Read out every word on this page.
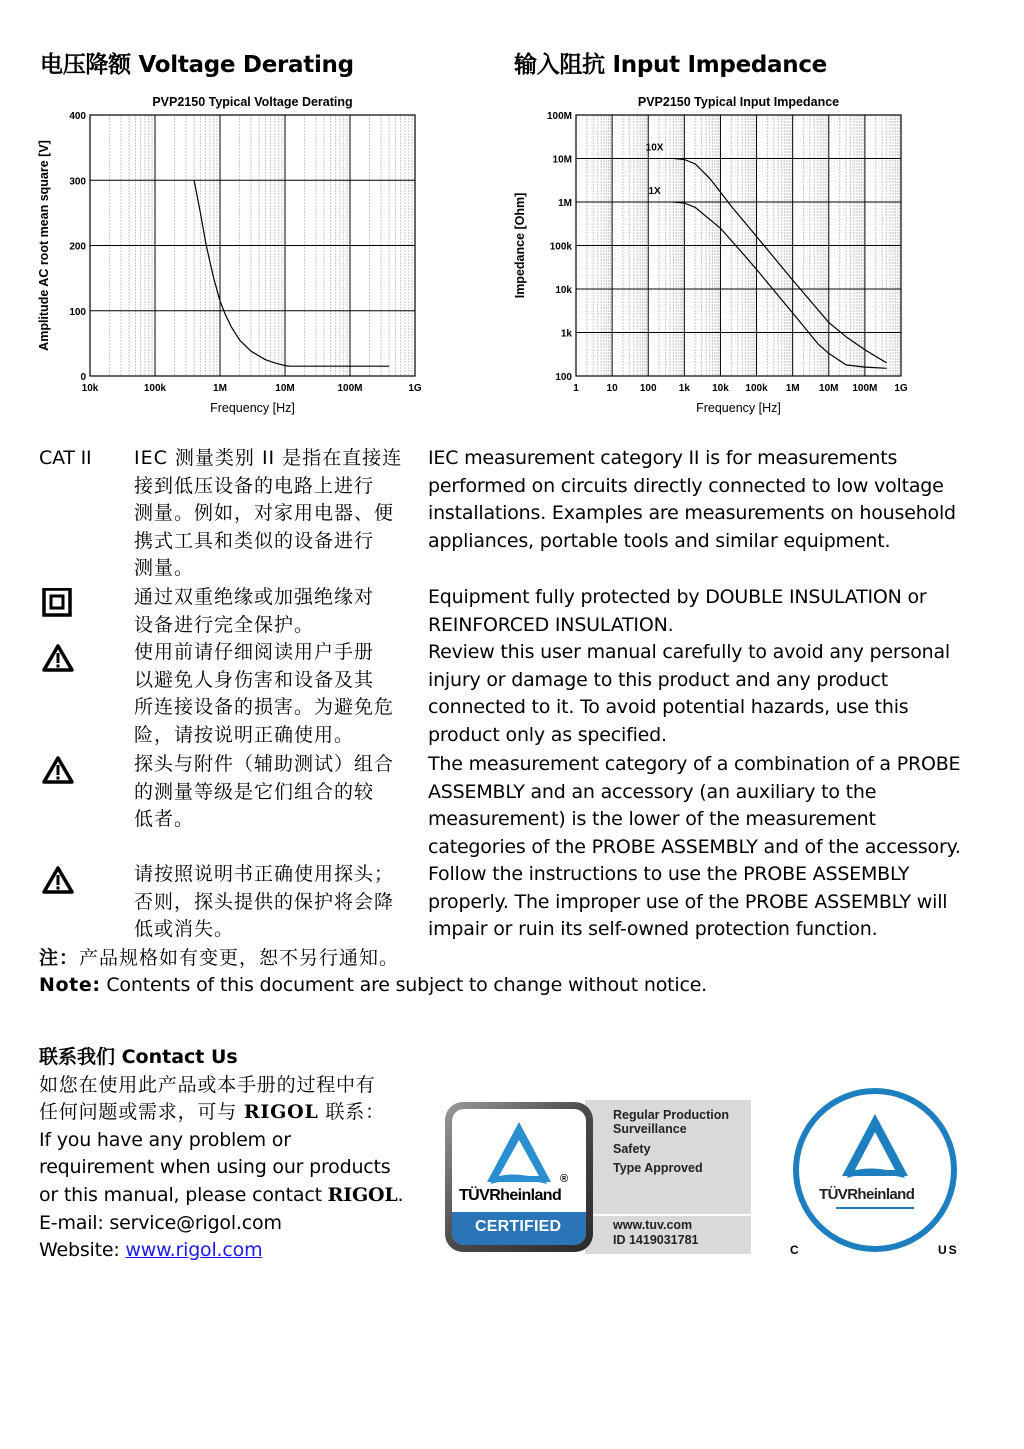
电压降额 Voltage Derating	输入阻抗 Input Impedance
10k	100k	1M	10M	100M	1G
0
100
200
300
400
PVP2150 Typical Voltage Derating
Frequency [Hz]
Amplitude AC root mean square [V]
1	10 100 1k 10k 100k 1M 10M 100M 1G
100
1k
10k
100k
1M
10M
100M
PVP2150 Typical Input Impedance
Frequency [Hz]
Impedance [Ohm]
10X
1X
CAT II IEC 测量类别 II 是指在直接连
接到低压设备的电路上进行
测量。例如，对家用电器、便
携式工具和类似的设备进行
测量。
IEC measurement category II is for measurements
performed on circuits directly connected to low voltage
installations. Examples are measurements on household
appliances, portable tools and similar equipment.
通过双重绝缘或加强绝缘对
设备进行完全保护。
Equipment fully protected by DOUBLE INSULATION or
REINFORCED INSULATION.
使用前请仔细阅读用户手册
以避免人身伤害和设备及其
所连接设备的损害。为避免危
险，请按说明正确使用。
Review this user manual carefully to avoid any personal
injury or damage to this product and any product
connected to it. To avoid potential hazards, use this
product only as specified.
探头与附件（辅助测试）组合
的测量等级是它们组合的较
低者。
The measurement category of a combination of a PROBE
ASSEMBLY and an accessory (an auxiliary to the
measurement) is the lower of the measurement
categories of the PROBE ASSEMBLY and of the accessory.
请按照说明书正确使用探头；
否则，探头提供的保护将会降
低或消失。
Follow the instructions to use the PROBE ASSEMBLY
properly. The improper use of the PROBE ASSEMBLY will
impair or ruin its self-owned protection function.
注：产品规格如有变更，恕不另行通知。
Note: Contents of this document are subject to change without notice.
联系我们 Contact Us
如您在使用此产品或本手册的过程中有
任何问题或需求，可与 RIGOL 联系：
If you have any problem or
requirement when using our products
or this manual, please contact RIGOL.
E-mail: service@rigol.com
Website: www.rigol.com
Regular Production
Surveillance
Safety
Type Approved
www.tuv.com
ID 1419031781
TÜVRheinland
®
CERTIFIED
TÜVRheinland
C	US
